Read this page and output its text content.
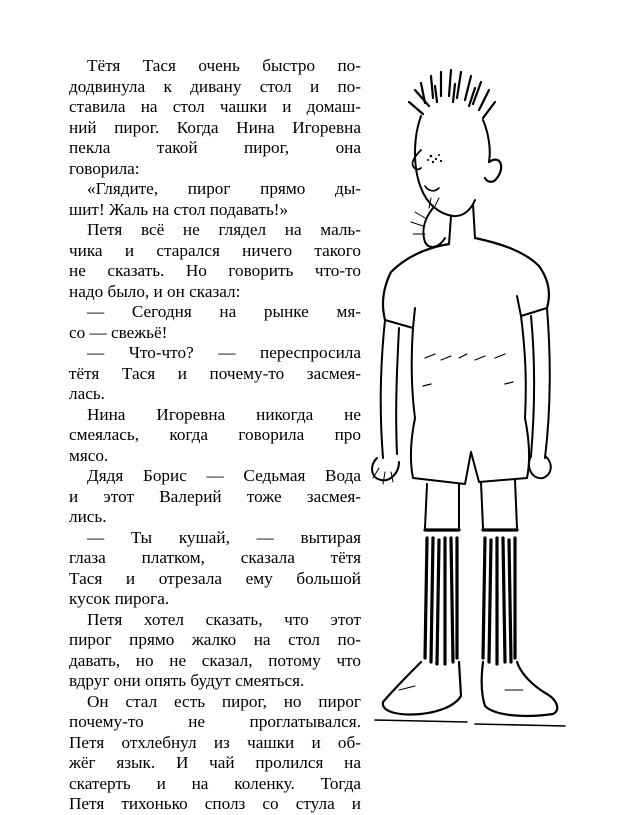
Тётя Тася очень быстро по-
додвинула к дивану стол и по-
ставила на стол чашки и домаш-
ний пирог. Когда Нина Игоревна
пекла такой пирог, она
говорила:
«Глядите, пирог прямо ды-
шит! Жаль на стол подавать!»
Петя всё не глядел на маль-
чика и старался ничего такого
не сказать. Но говорить что-то
надо было, и он сказал:
— Сегодня на рынке мя-
со — свежьё!
— Что-что? — переспросила
тётя Тася и почему-то засмея-
лась.
Нина Игоревна никогда не
смеялась, когда говорила про
мясо.
Дядя Борис — Седьмая Вода
и этот Валерий тоже засмея-
лись.
— Ты кушай, — вытирая
глаза платком, сказала тётя
Тася и отрезала ему большой
кусок пирога.
Петя хотел сказать, что этот
пирог прямо жалко на стол по-
давать, но не сказал, потому что
вдруг они опять будут смеяться.
Он стал есть пирог, но пирог
почему-то не проглатывался.
Петя отхлебнул из чашки и об-
жёг язык. И чай пролился на
скатерть и на коленку. Тогда
Петя тихонько сполз со стула и
